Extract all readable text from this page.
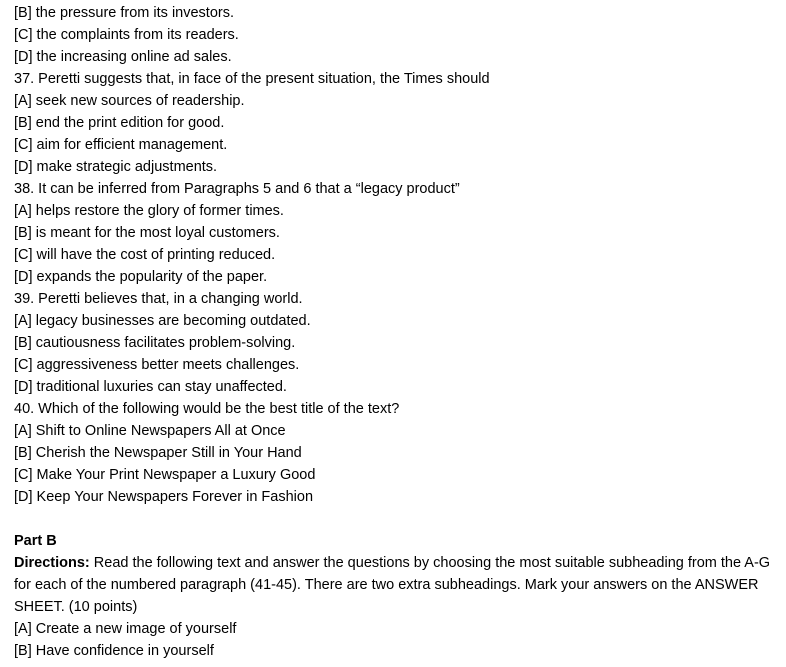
[B] the pressure from its investors.
[C] the complaints from its readers.
[D] the increasing online ad sales.
37. Peretti suggests that, in face of the present situation, the Times should
[A] seek new sources of readership.
[B] end the print edition for good.
[C] aim for efficient management.
[D] make strategic adjustments.
38. It can be inferred from Paragraphs 5 and 6 that a “legacy product”
[A] helps restore the glory of former times.
[B] is meant for the most loyal customers.
[C] will have the cost of printing reduced.
[D] expands the popularity of the paper.
39. Peretti believes that, in a changing world.
[A] legacy businesses are becoming outdated.
[B] cautiousness facilitates problem-solving.
[C] aggressiveness better meets challenges.
[D] traditional luxuries can stay unaffected.
40. Which of the following would be the best title of the text?
[A] Shift to Online Newspapers All at Once
[B] Cherish the Newspaper Still in Your Hand
[C] Make Your Print Newspaper a Luxury Good
[D] Keep Your Newspapers Forever in Fashion
Part B
Directions: Read the following text and answer the questions by choosing the most suitable subheading from the A-G for each of the numbered paragraph (41-45). There are two extra subheadings. Mark your answers on the ANSWER SHEET. (10 points)
[A] Create a new image of yourself
[B] Have confidence in yourself
